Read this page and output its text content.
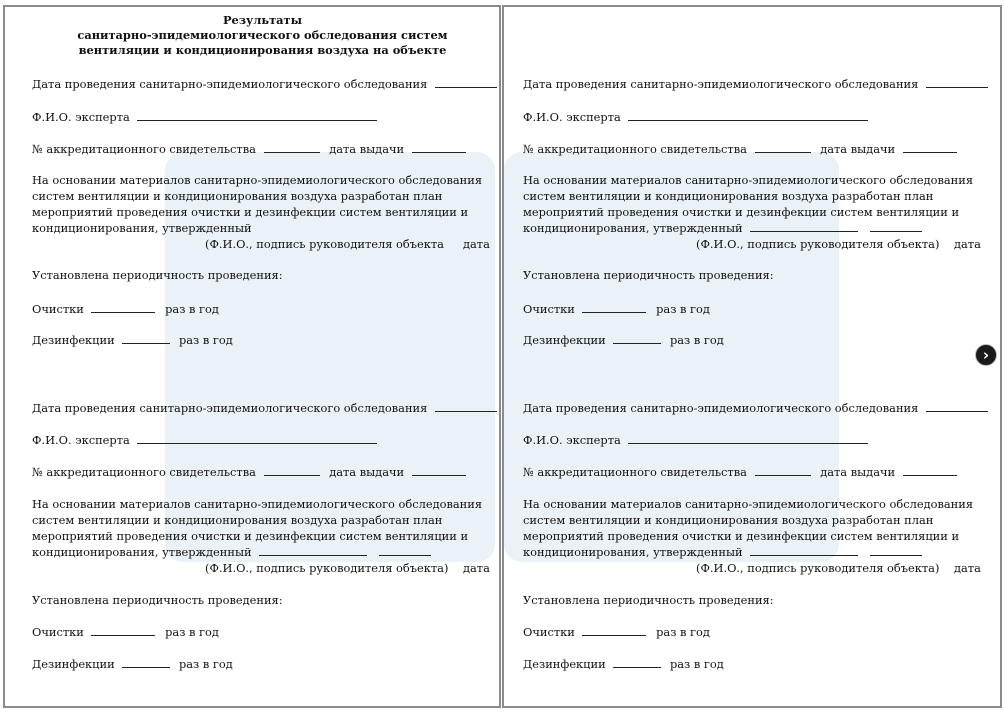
Результаты
санитарно-эпидемиологического обследования систем
вентиляции и кондиционирования воздуха на объекте
Дата проведения санитарно-эпидемиологического обследования
Ф.И.О. эксперта
№ аккредитационного свидетельства	дата выдачи
На основании материалов санитарно-эпидемиологического обследования
систем вентиляции и кондиционирования воздуха разработан план
мероприятий проведения очистки и дезинфекции систем вентиляции и
кондиционирования, утвержденный
(Ф.И.О., подпись руководителя объекта дата
Установлена периодичность проведения:
Очистки	раз в год
Дезинфекции	раз в год
Дата проведения санитарно-эпидемиологического обследования
Ф.И.О. эксперта
№ аккредитационного свидетельства	дата выдачи
На основании материалов санитарно-эпидемиологического обследования
систем вентиляции и кондиционирования воздуха разработан план
мероприятий проведения очистки и дезинфекции систем вентиляции и
кондиционирования, утвержденный
(Ф.И.О., подпись руководителя объекта) дата
Установлена периодичность проведения:
Очистки	раз в год
Дезинфекции	раз в год
Дата проведения санитарно-эпидемиологического обследования
Ф.И.О. эксперта
№ аккредитационного свидетельства	дата выдачи
На основании материалов санитарно-эпидемиологического обследования
систем вентиляции и кондиционирования воздуха разработан план
мероприятий проведения очистки и дезинфекции систем вентиляции и
кондиционирования, утвержденный
(Ф.И.О., подпись руководителя объекта) дата
Установлена периодичность проведения:
Очистки	раз в год
Дезинфекции	раз в год
Дата проведения санитарно-эпидемиологического обследования
Ф.И.О. эксперта
№ аккредитационного свидетельства	дата выдачи
На основании материалов санитарно-эпидемиологического обследования
систем вентиляции и кондиционирования воздуха разработан план
мероприятий проведения очистки и дезинфекции систем вентиляции и
кондиционирования, утвержденный
(Ф.И.О., подпись руководителя объекта) дата
Установлена периодичность проведения:
Очистки	раз в год
Дезинфекции	раз в год
›
